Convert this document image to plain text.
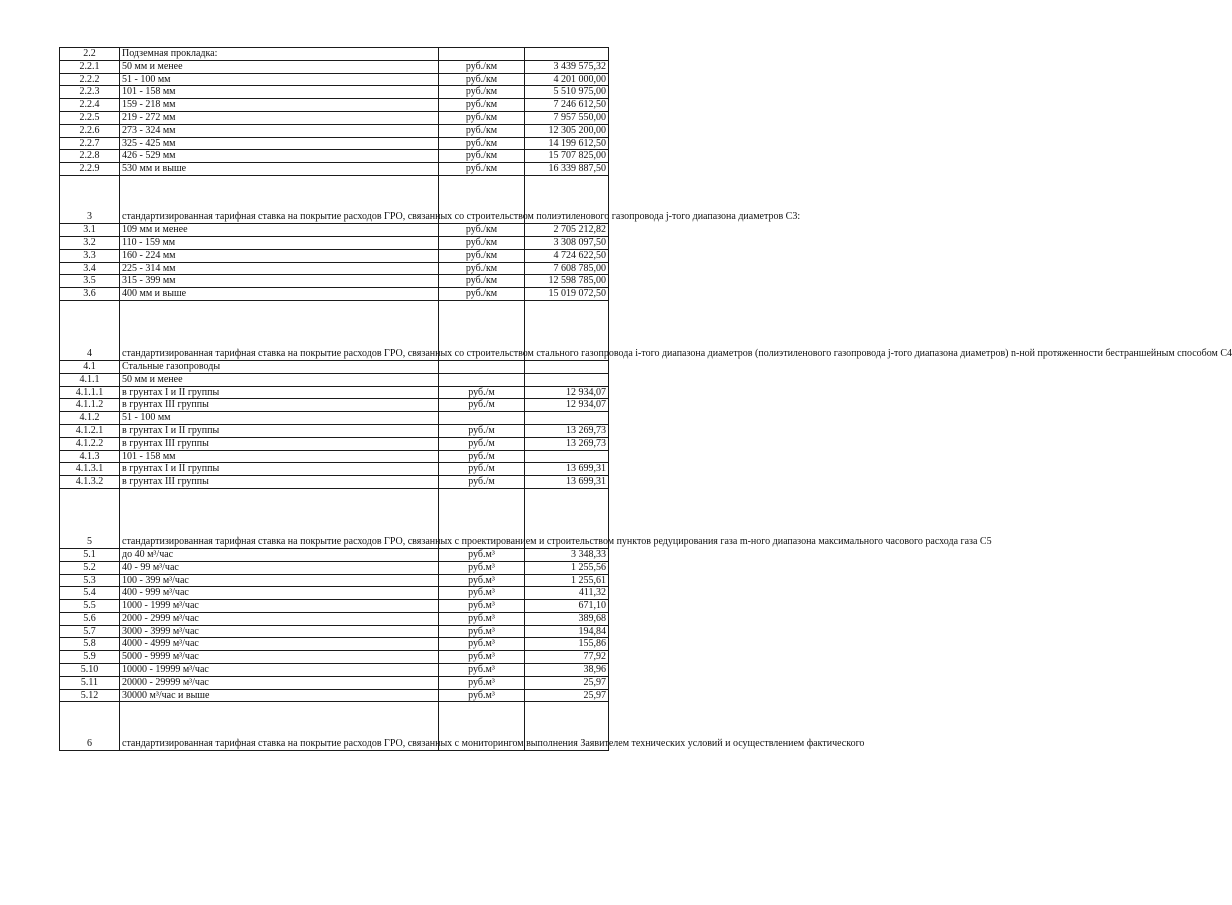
2.2	Подземная прокладка:		
2.2.1	50 мм и менее	руб./км	3 439 575,32
2.2.2	51 - 100 мм	руб./км	4 201 000,00
2.2.3	101 - 158 мм	руб./км	5 510 975,00
2.2.4	159 - 218 мм	руб./км	7 246 612,50
2.2.5	219 - 272 мм	руб./км	7 957 550,00
2.2.6	273 - 324 мм	руб./км	12 305 200,00
2.2.7	325 - 425 мм	руб./км	14 199 612,50
2.2.8	426 - 529 мм	руб./км	15 707 825,00
2.2.9	530 мм и выше	руб./км	16 339 887,50
3	стандартизированная тарифная ставка на покрытие расходов ГРО, связанных со строительством полиэтиленового газопровода j-того диапазона диаметров С3:		
3.1	109 мм и менее	руб./км	2 705 212,82
3.2	110 - 159 мм	руб./км	3 308 097,50
3.3	160 - 224 мм	руб./км	4 724 622,50
3.4	225 - 314 мм	руб./км	7 608 785,00
3.5	315 - 399 мм	руб./км	12 598 785,00
3.6	400 мм и выше	руб./км	15 019 072,50
4	стандартизированная тарифная ставка на покрытие расходов ГРО, связанных со строительством стального газопровода i-того диапазона диаметров (полиэтиленового газопровода j-того диапазона диаметров) n-ной протяженности бестраншейным способом С4		
4.1	Стальные газопроводы		
4.1.1	50 мм и менее		
4.1.1.1	в грунтах I и II группы	руб./м	12 934,07
4.1.1.2	в грунтах III группы	руб./м	12 934,07
4.1.2	51 - 100 мм		
4.1.2.1	в грунтах I и II группы	руб./м	13 269,73
4.1.2.2	в грунтах III группы	руб./м	13 269,73
4.1.3	101 - 158 мм	руб./м	
4.1.3.1	в грунтах I и II группы	руб./м	13 699,31
4.1.3.2	в грунтах III группы	руб./м	13 699,31
5	стандартизированная тарифная ставка на покрытие расходов ГРО, связанных с проектированием и строительством пунктов редуцирования газа m-ного диапазона максимального часового расхода газа С5		
5.1	до 40 м³/час	руб.м³	3 348,33
5.2	40 - 99 м³/час	руб.м³	1 255,56
5.3	100 - 399 м³/час	руб.м³	1 255,61
5.4	400 - 999 м³/час	руб.м³	411,32
5.5	1000 - 1999 м³/час	руб.м³	671,10
5.6	2000 - 2999 м³/час	руб.м³	389,68
5.7	3000 - 3999 м³/час	руб.м³	194,84
5.8	4000 - 4999 м³/час	руб.м³	155,86
5.9	5000 - 9999 м³/час	руб.м³	77,92
5.10	10000 - 19999 м³/час	руб.м³	38,96
5.11	20000 - 29999 м³/час	руб.м³	25,97
5.12	30000 м³/час и выше	руб.м³	25,97
6	стандартизированная тарифная ставка на покрытие расходов ГРО, связанных с мониторингом выполнения Заявителем технических условий и осуществлением фактического		
